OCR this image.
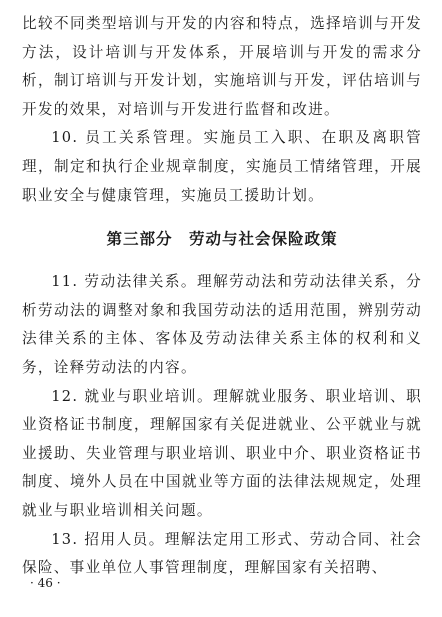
比较不同类型培训与开发的内容和特点，选择培训与开发方法，设计培训与开发体系，开展培训与开发的需求分析，制订培训与开发计划，实施培训与开发，评估培训与开发的效果，对培训与开发进行监督和改进。

10. 员工关系管理。实施员工入职、在职及离职管理，制定和执行企业规章制度，实施员工情绪管理，开展职业安全与健康管理，实施员工援助计划。

第三部分　劳动与社会保险政策

11. 劳动法律关系。理解劳动法和劳动法律关系，分析劳动法的调整对象和我国劳动法的适用范围，辨别劳动法律关系的主体、客体及劳动法律关系主体的权利和义务，诠释劳动法的内容。

12. 就业与职业培训。理解就业服务、职业培训、职业资格证书制度，理解国家有关促进就业、公平就业与就业援助、失业管理与职业培训、职业中介、职业资格证书制度、境外人员在中国就业等方面的法律法规规定，处理就业与职业培训相关问题。

13. 招用人员。理解法定用工形式、劳动合同、社会保险、事业单位人事管理制度，理解国家有关招聘、

· 46 ·
